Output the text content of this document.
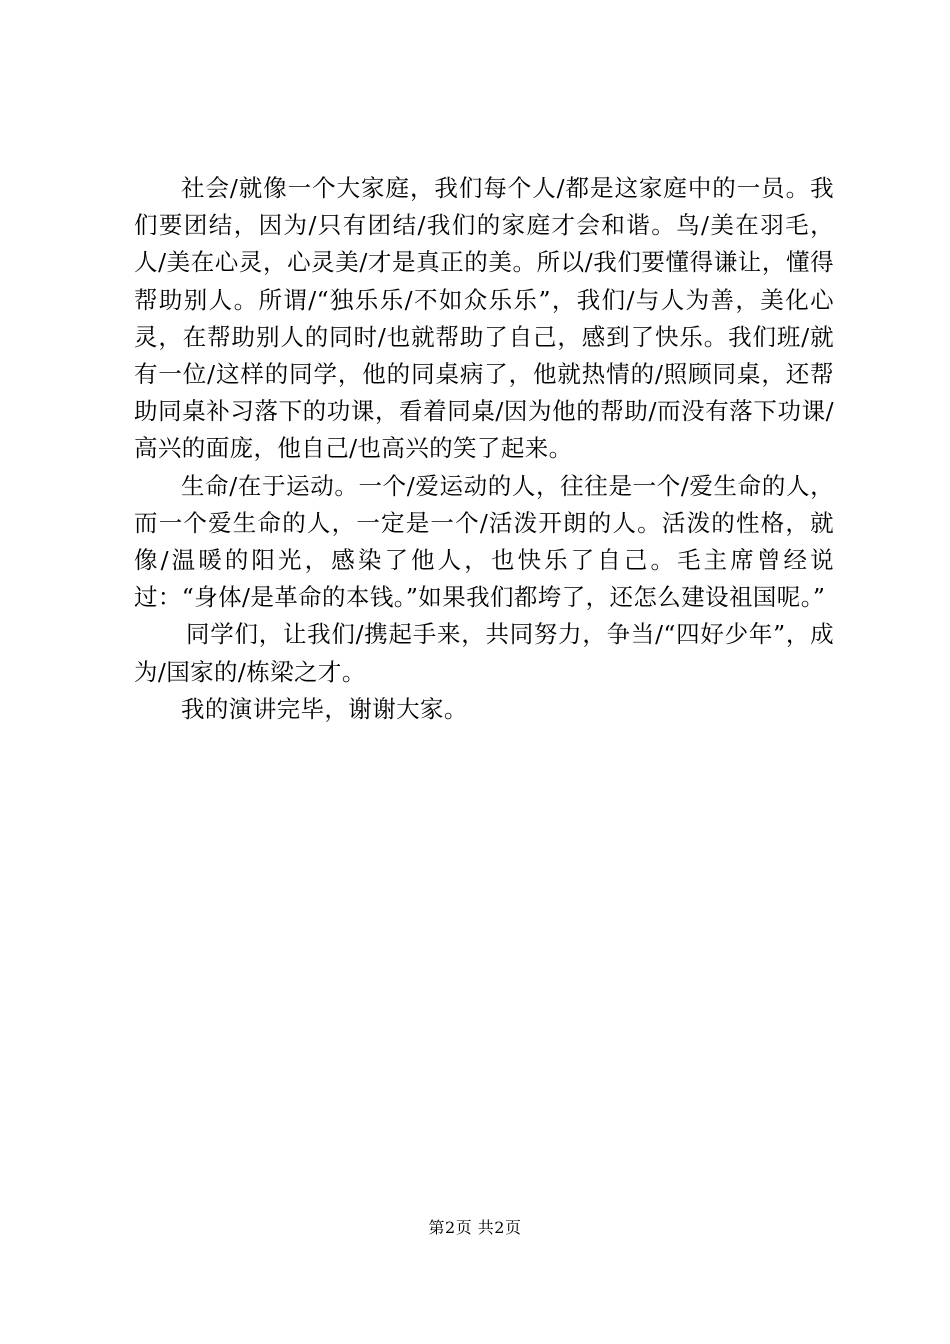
社会/就像一个大家庭，我们每个人/都是这家庭中的一员。我们要团结，因为/只有团结/我们的家庭才会和谐。鸟/美在羽毛，人/美在心灵，心灵美/才是真正的美。所以/我们要懂得谦让，懂得帮助别人。所谓/“独乐乐/不如众乐乐”，我们/与人为善，美化心灵，在帮助别人的同时/也就帮助了自己，感到了快乐。我们班/就有一位/这样的同学，他的同桌病了，他就热情的/照顾同桌，还帮助同桌补习落下的功课，看着同桌/因为他的帮助/而没有落下功课/高兴的面庞，他自己/也高兴的笑了起来。

生命/在于运动。一个/爱运动的人，往往是一个/爱生命的人，而一个爱生命的人，一定是一个/活泼开朗的人。活泼的性格，就像/温暖的阳光，感染了他人，也快乐了自己。毛主席曾经说过：“身体/是革命的本钱。”如果我们都垮了，还怎么建设祖国呢。”

同学们，让我们/携起手来，共同努力，争当/“四好少年”，成为/国家的/栋梁之才。

我的演讲完毕，谢谢大家。

第2页 共2页
